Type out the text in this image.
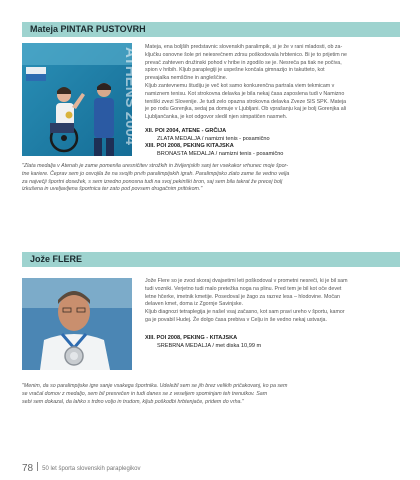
Mateja PINTAR PUSTOVRH
ATHENS 2004 Mateja, ena boljših predstavnic slovenskih paralimpik, si je že v rani mladosti, ob za-

ključku osnovne šole pri neiesrečnem zdrsu poškodovala hrbtenico. Bi je to prijetim ne

prevač zahteven družinski pohod v hribe in zgodilo se je. Nesreča pa tiak ne počiva,

spion v hribih. Kljub paraplegiji je uspešne končala gimnazijo in takutteto, kot

prevajalka nemščine in angleščine.

Kljub zantevnemu študiju je več kot samo konkurenčna partrala viem tekmicam v

namiznem tenisu. Kot strokovna delavka je bila nekaj časa zaposlena tudi v Namizno

teniški zvezi Slovenije. Je tudi zelo opazna strokovna delavka Zveze SIS SPK. Mateja

je po rodu Gorenjka, sedaj pa domuje v Ljubljani. Ob vprašanju kaj je bolj Gorenjka ali

Ljubljančanka, je kot odgovor sledil njen simpatičen nasmeh.

XII. POI 2004, ATENE - GRČIJA
ZLATA MEDALJA / namizni tenis - posamično
XIII. POI 2008, PEKING KITAJSKA
BRONASTA MEDALJA / namizni tenis - posamično
"Zlata medalja v Atenah je zame pomenila uresničitev strožkih in življenjskih sanj ter vsekakor vrhunec moje špor-
tne kariere. Čeprav sem jo osvojila že na svojih prvih paralimpijskih igrah. Paralimpijsko zlato zame še vedno velja
za največji športni dosežek, s sem izredno ponosna tudi na svoj pekinški bron, saj sem bila takrat že precej bolj
izkušena in uveljavljena športnica ter zato pod povsem drugačnim pritiskom."
Jože FLERE

Jože Flere so je zvod skoraj dvajsetimi leti poškodoval v prometni nesreči, ki je bil sam

tudi vozniki. Verjetno tudi malo pretežka noga na plinu. Pred tem je bil kot oče devet

letne hčerke, imetnik kmetije. Posedoval je žago za razrez lesa – hlodovine. Močan

delaven kmet, doma iz Zgornje Savinjske.

Kljub diagnozi tetraplegija je našel vsaj začasno, kot sam pravi ureho v športu, kamor

ga je povabil Hudej. Že dolgo časa prebiva v Celju in še vedno nekaj ustvarja.

XIII. POI 2008, PEKING - KITAJSKA
SREBRNA MEDALJA / met diska 10,99 m
"Menim, da so paralimpijske igre sanje vsakega športnika. Udeležil sem se jih brez velikih pričakovanj, ko pa sem
se vračal domov z medaljo, sem bil presrečen in tudi danes se z veseljem spominjam teh trenutkov. Sam
sebi sem dokazal, da lahko s trdno voljo in trudom, kljub poškodbi hrbtenjače, pridem do vrha."
78 50 let športa slovenskih paraplegikov
